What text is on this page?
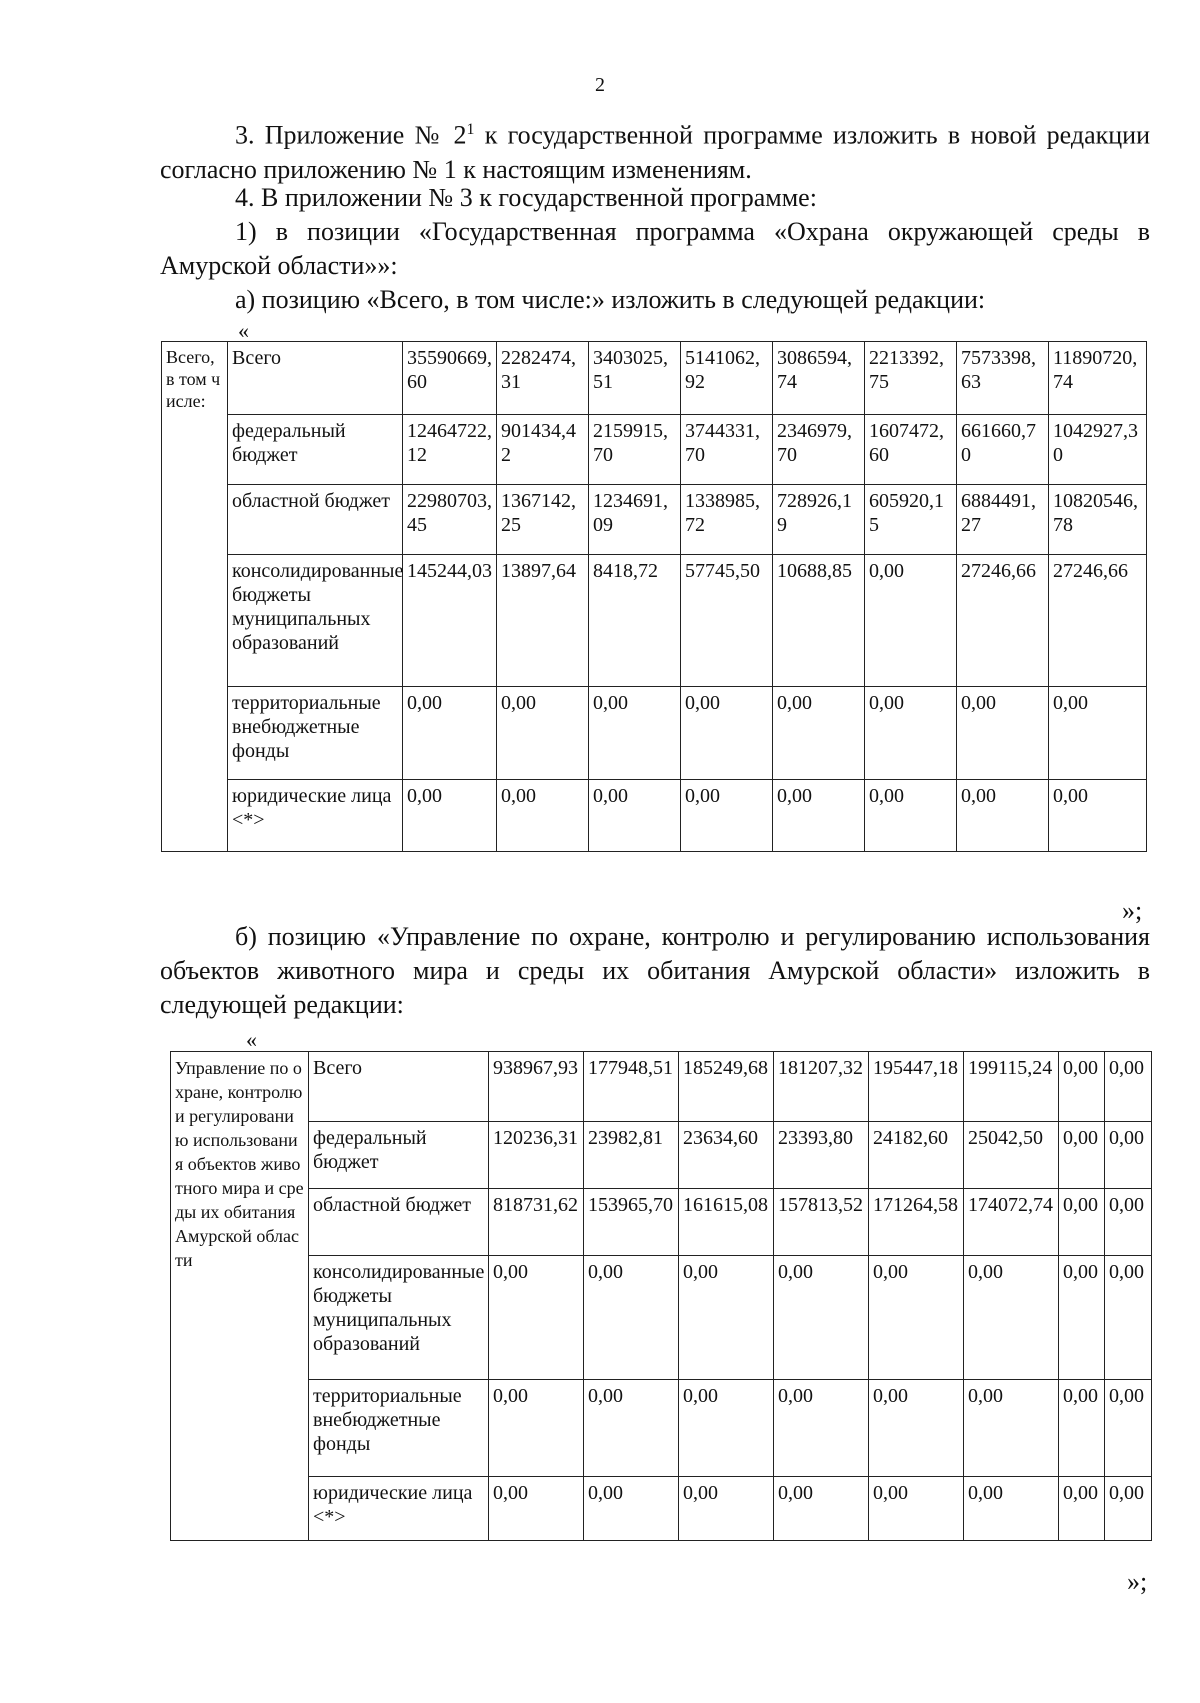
2

3. Приложение № $2^1$ к государственной программе изложить в новой редакции согласно приложению № 1 к настоящим изменениям.

4. В приложении № 3 к государственной программе:

1) в позиции «Государственная программа «Охрана окружающей среды в Амурской области»»:

а) позицию «Всего, в том числе:» изложить в следующей редакции:

«
Всего, в том числе:	Всего	35590669,60	2282474,31	3403025,51	5141062,92	3086594,74	2213392,75	7573398,63	11890720,74
	федеральный бюджет	12464722,12	901434,42	2159915,70	3744331,70	2346979,70	1607472,60	661660,70	1042927,30
	областной бюджет	22980703,45	1367142,25	1234691,09	1338985,72	728926,19	605920,15	6884491,27	10820546,78
	консолидированные бюджеты муниципальных образований	145244,03	13897,64	8418,72	57745,50	10688,85	0,00	27246,66	27246,66
	территориальные внебюджетные фонды	0,00	0,00	0,00	0,00	0,00	0,00	0,00	0,00
	юридические лица <*>	0,00	0,00	0,00	0,00	0,00	0,00	0,00	0,00
»;

б) позицию «Управление по охране, контролю и регулированию использования объектов животного мира и среды их обитания Амурской области» изложить в следующей редакции:

«
Управление по охране, контролю и регулированию использования объектов животного мира и среды их обитания Амурской области	Всего	938967,93	177948,51	185249,68	181207,32	195447,18	199115,24	0,00	0,00
	федеральный бюджет	120236,31	23982,81	23634,60	23393,80	24182,60	25042,50	0,00	0,00
	областной бюджет	818731,62	153965,70	161615,08	157813,52	171264,58	174072,74	0,00	0,00
	консолидированные бюджеты муниципальных образований	0,00	0,00	0,00	0,00	0,00	0,00	0,00	0,00
	территориальные внебюджетные фонды	0,00	0,00	0,00	0,00	0,00	0,00	0,00	0,00
	юридические лица <*>	0,00	0,00	0,00	0,00	0,00	0,00	0,00	0,00
»;
